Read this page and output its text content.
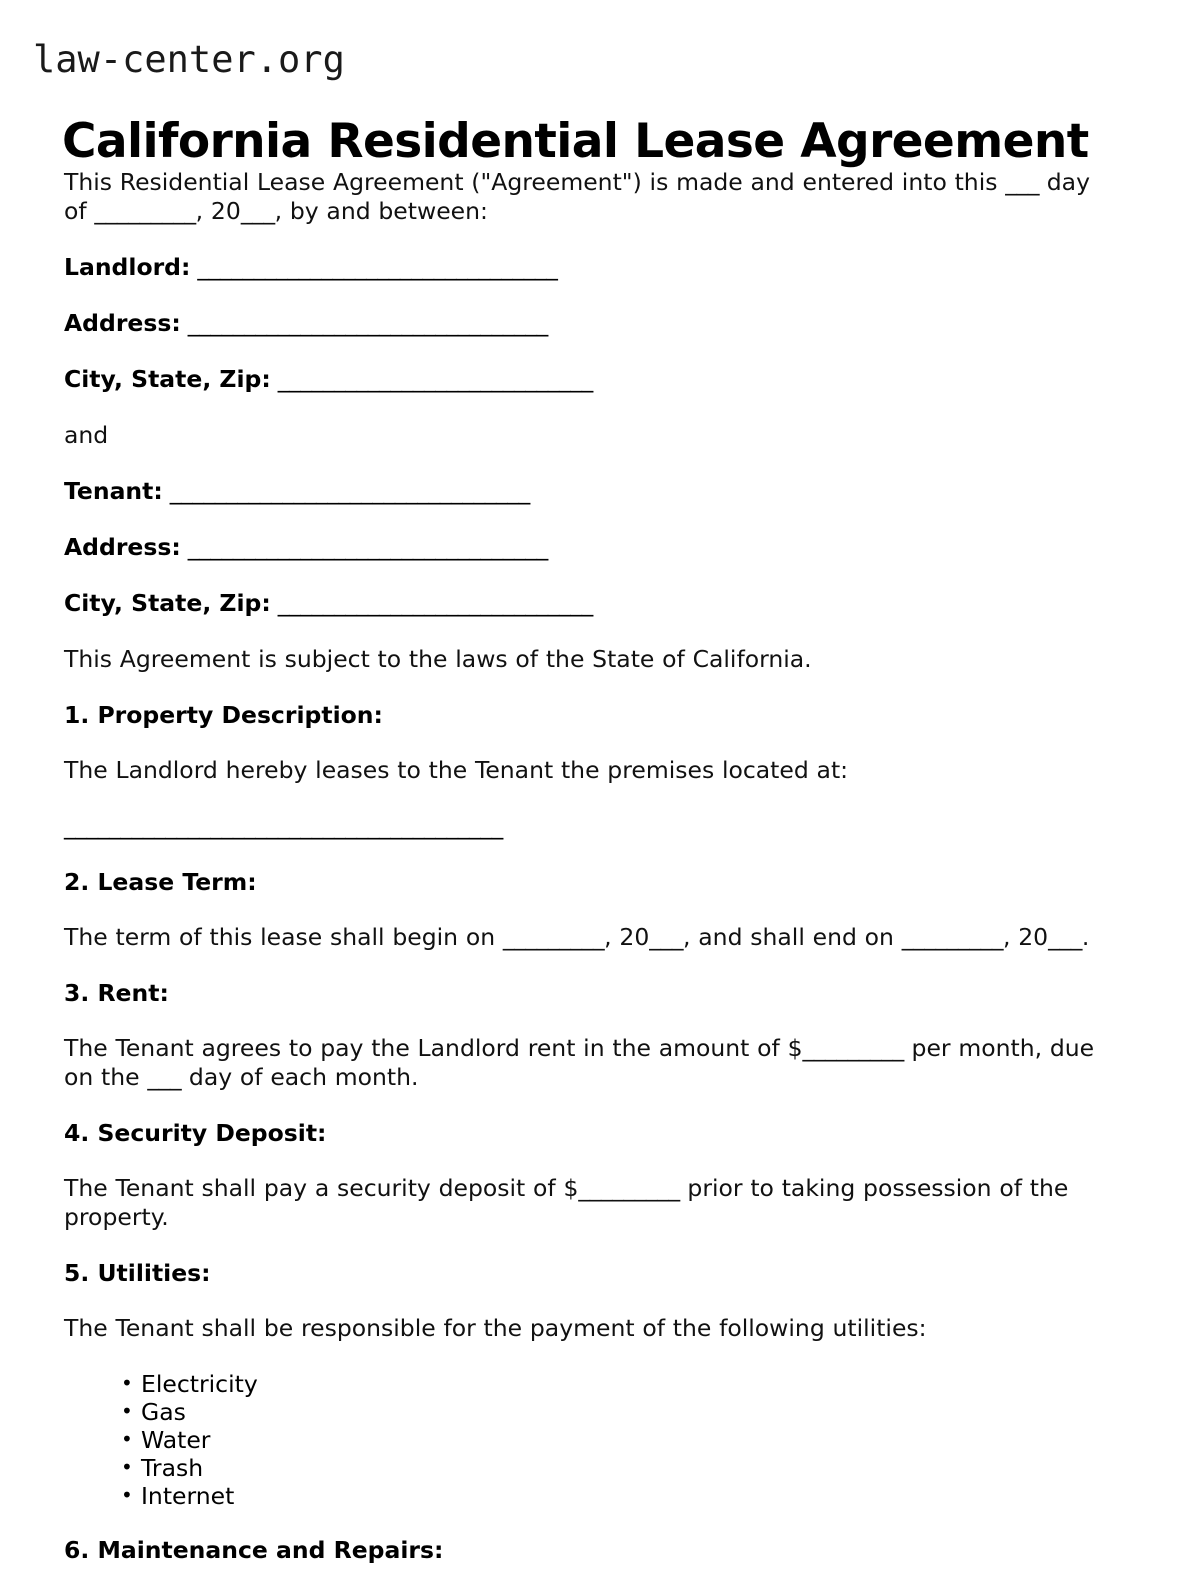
law-center.org
California Residential Lease Agreement

This Residential Lease Agreement ("Agreement") is made and entered into this ___ day of _________, 20___, by and between:

Landlord: ________________________________

Address: ________________________________

City, State, Zip: ____________________________

and

Tenant: ________________________________

Address: ________________________________

City, State, Zip: ____________________________

This Agreement is subject to the laws of the State of California.

1. Property Description:

The Landlord hereby leases to the Tenant the premises located at:

_______________________________________

2. Lease Term:

The term of this lease shall begin on _________, 20___, and shall end on _________, 20___.

3. Rent:

The Tenant agrees to pay the Landlord rent in the amount of $_________ per month, due on the ___ day of each month.

4. Security Deposit:

The Tenant shall pay a security deposit of $_________ prior to taking possession of the property.

5. Utilities:

The Tenant shall be responsible for the payment of the following utilities:

• Electricity
• Gas
• Water
• Trash
• Internet
6. Maintenance and Repairs:
